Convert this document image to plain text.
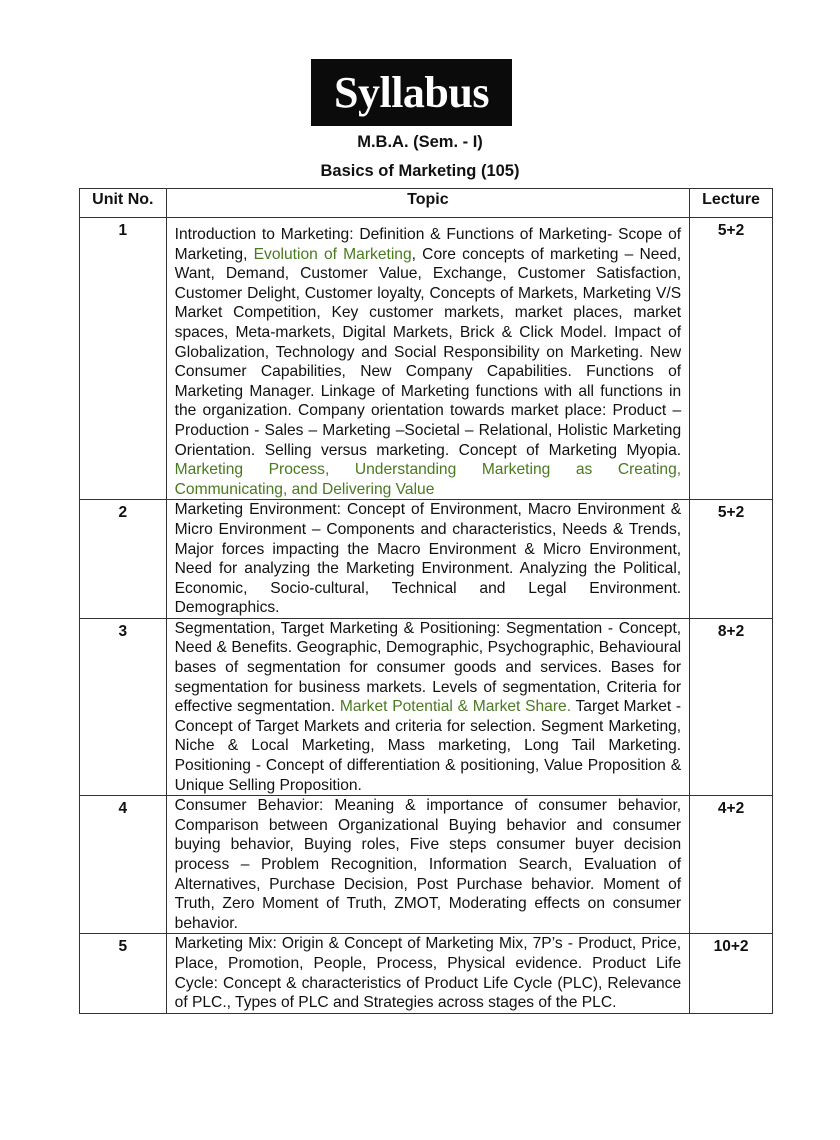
Syllabus
M.B.A. (Sem. - I)
Basics of Marketing (105)
Unit No.	Topic	Lecture
1	Introduction to Marketing: Definition & Functions of Marketing- Scope of Marketing, Evolution of Marketing, Core concepts of marketing – Need, Want, Demand, Customer Value, Exchange, Customer Satisfaction, Customer Delight, Customer loyalty, Concepts of Markets, Marketing V/S Market Competition, Key customer markets, market places, market spaces, Meta-markets, Digital Markets, Brick & Click Model. Impact of Globalization, Technology and Social Responsibility on Marketing. New Consumer Capabilities, New Company Capabilities. Functions of Marketing Manager. Linkage of Marketing functions with all functions in the organization. Company orientation towards market place: Product – Production - Sales – Marketing –Societal – Relational, Holistic Marketing Orientation. Selling versus marketing. Concept of Marketing Myopia. Marketing Process, Understanding Marketing as Creating, Communicating, and Delivering Value	5+2
2	Marketing Environment: Concept of Environment, Macro Environment & Micro Environment – Components and characteristics, Needs & Trends, Major forces impacting the Macro Environment & Micro Environment, Need for analyzing the Marketing Environment. Analyzing the Political, Economic, Socio-cultural, Technical and Legal Environment. Demographics.	5+2
3	Segmentation, Target Marketing & Positioning: Segmentation - Concept, Need & Benefits. Geographic, Demographic, Psychographic, Behavioural bases of segmentation for consumer goods and services. Bases for segmentation for business markets. Levels of segmentation, Criteria for effective segmentation. Market Potential & Market Share. Target Market - Concept of Target Markets and criteria for selection. Segment Marketing, Niche & Local Marketing, Mass marketing, Long Tail Marketing. Positioning - Concept of differentiation & positioning, Value Proposition & Unique Selling Proposition.	8+2
4	Consumer Behavior: Meaning & importance of consumer behavior, Comparison between Organizational Buying behavior and consumer buying behavior, Buying roles, Five steps consumer buyer decision process – Problem Recognition, Information Search, Evaluation of Alternatives, Purchase Decision, Post Purchase behavior. Moment of Truth, Zero Moment of Truth, ZMOT, Moderating effects on consumer behavior.	4+2
5	Marketing Mix: Origin & Concept of Marketing Mix, 7P’s - Product, Price, Place, Promotion, People, Process, Physical evidence. Product Life Cycle: Concept & characteristics of Product Life Cycle (PLC), Relevance of PLC., Types of PLC and Strategies across stages of the PLC.	10+2
